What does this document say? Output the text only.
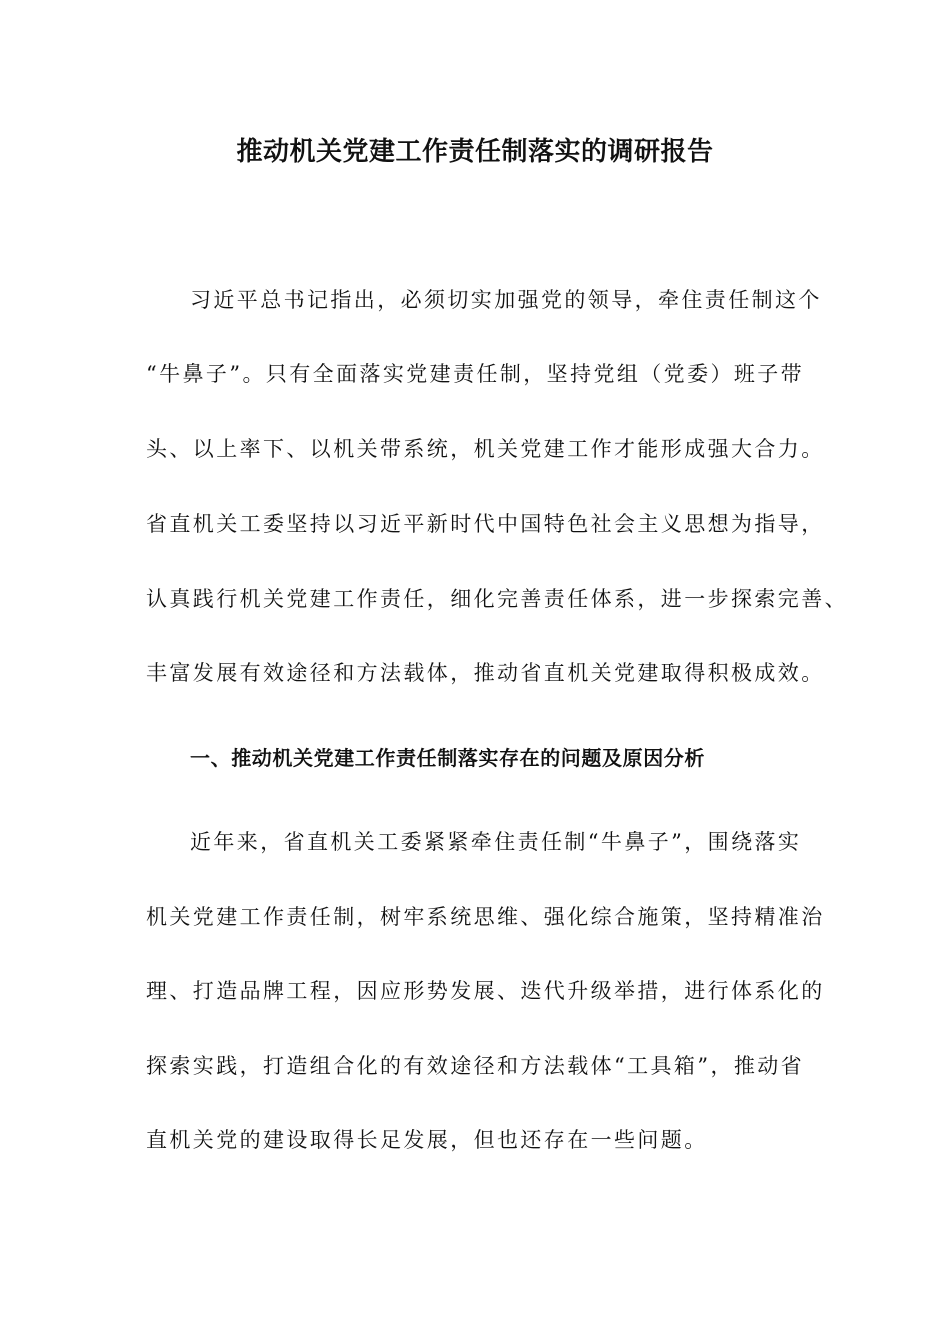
推动机关党建工作责任制落实的调研报告
习近平总书记指出，必须切实加强党的领导，牵住责任制这个
“牛鼻子”。只有全面落实党建责任制，坚持党组（党委）班子带
头、以上率下、以机关带系统，机关党建工作才能形成强大合力。
省直机关工委坚持以习近平新时代中国特色社会主义思想为指导，
认真践行机关党建工作责任，细化完善责任体系，进一步探索完善、
丰富发展有效途径和方法载体，推动省直机关党建取得积极成效。
一、推动机关党建工作责任制落实存在的问题及原因分析
近年来，省直机关工委紧紧牵住责任制“牛鼻子”，围绕落实
机关党建工作责任制，树牢系统思维、强化综合施策，坚持精准治
理、打造品牌工程，因应形势发展、迭代升级举措，进行体系化的
探索实践，打造组合化的有效途径和方法载体“工具箱”，推动省
直机关党的建设取得长足发展，但也还存在一些问题。
